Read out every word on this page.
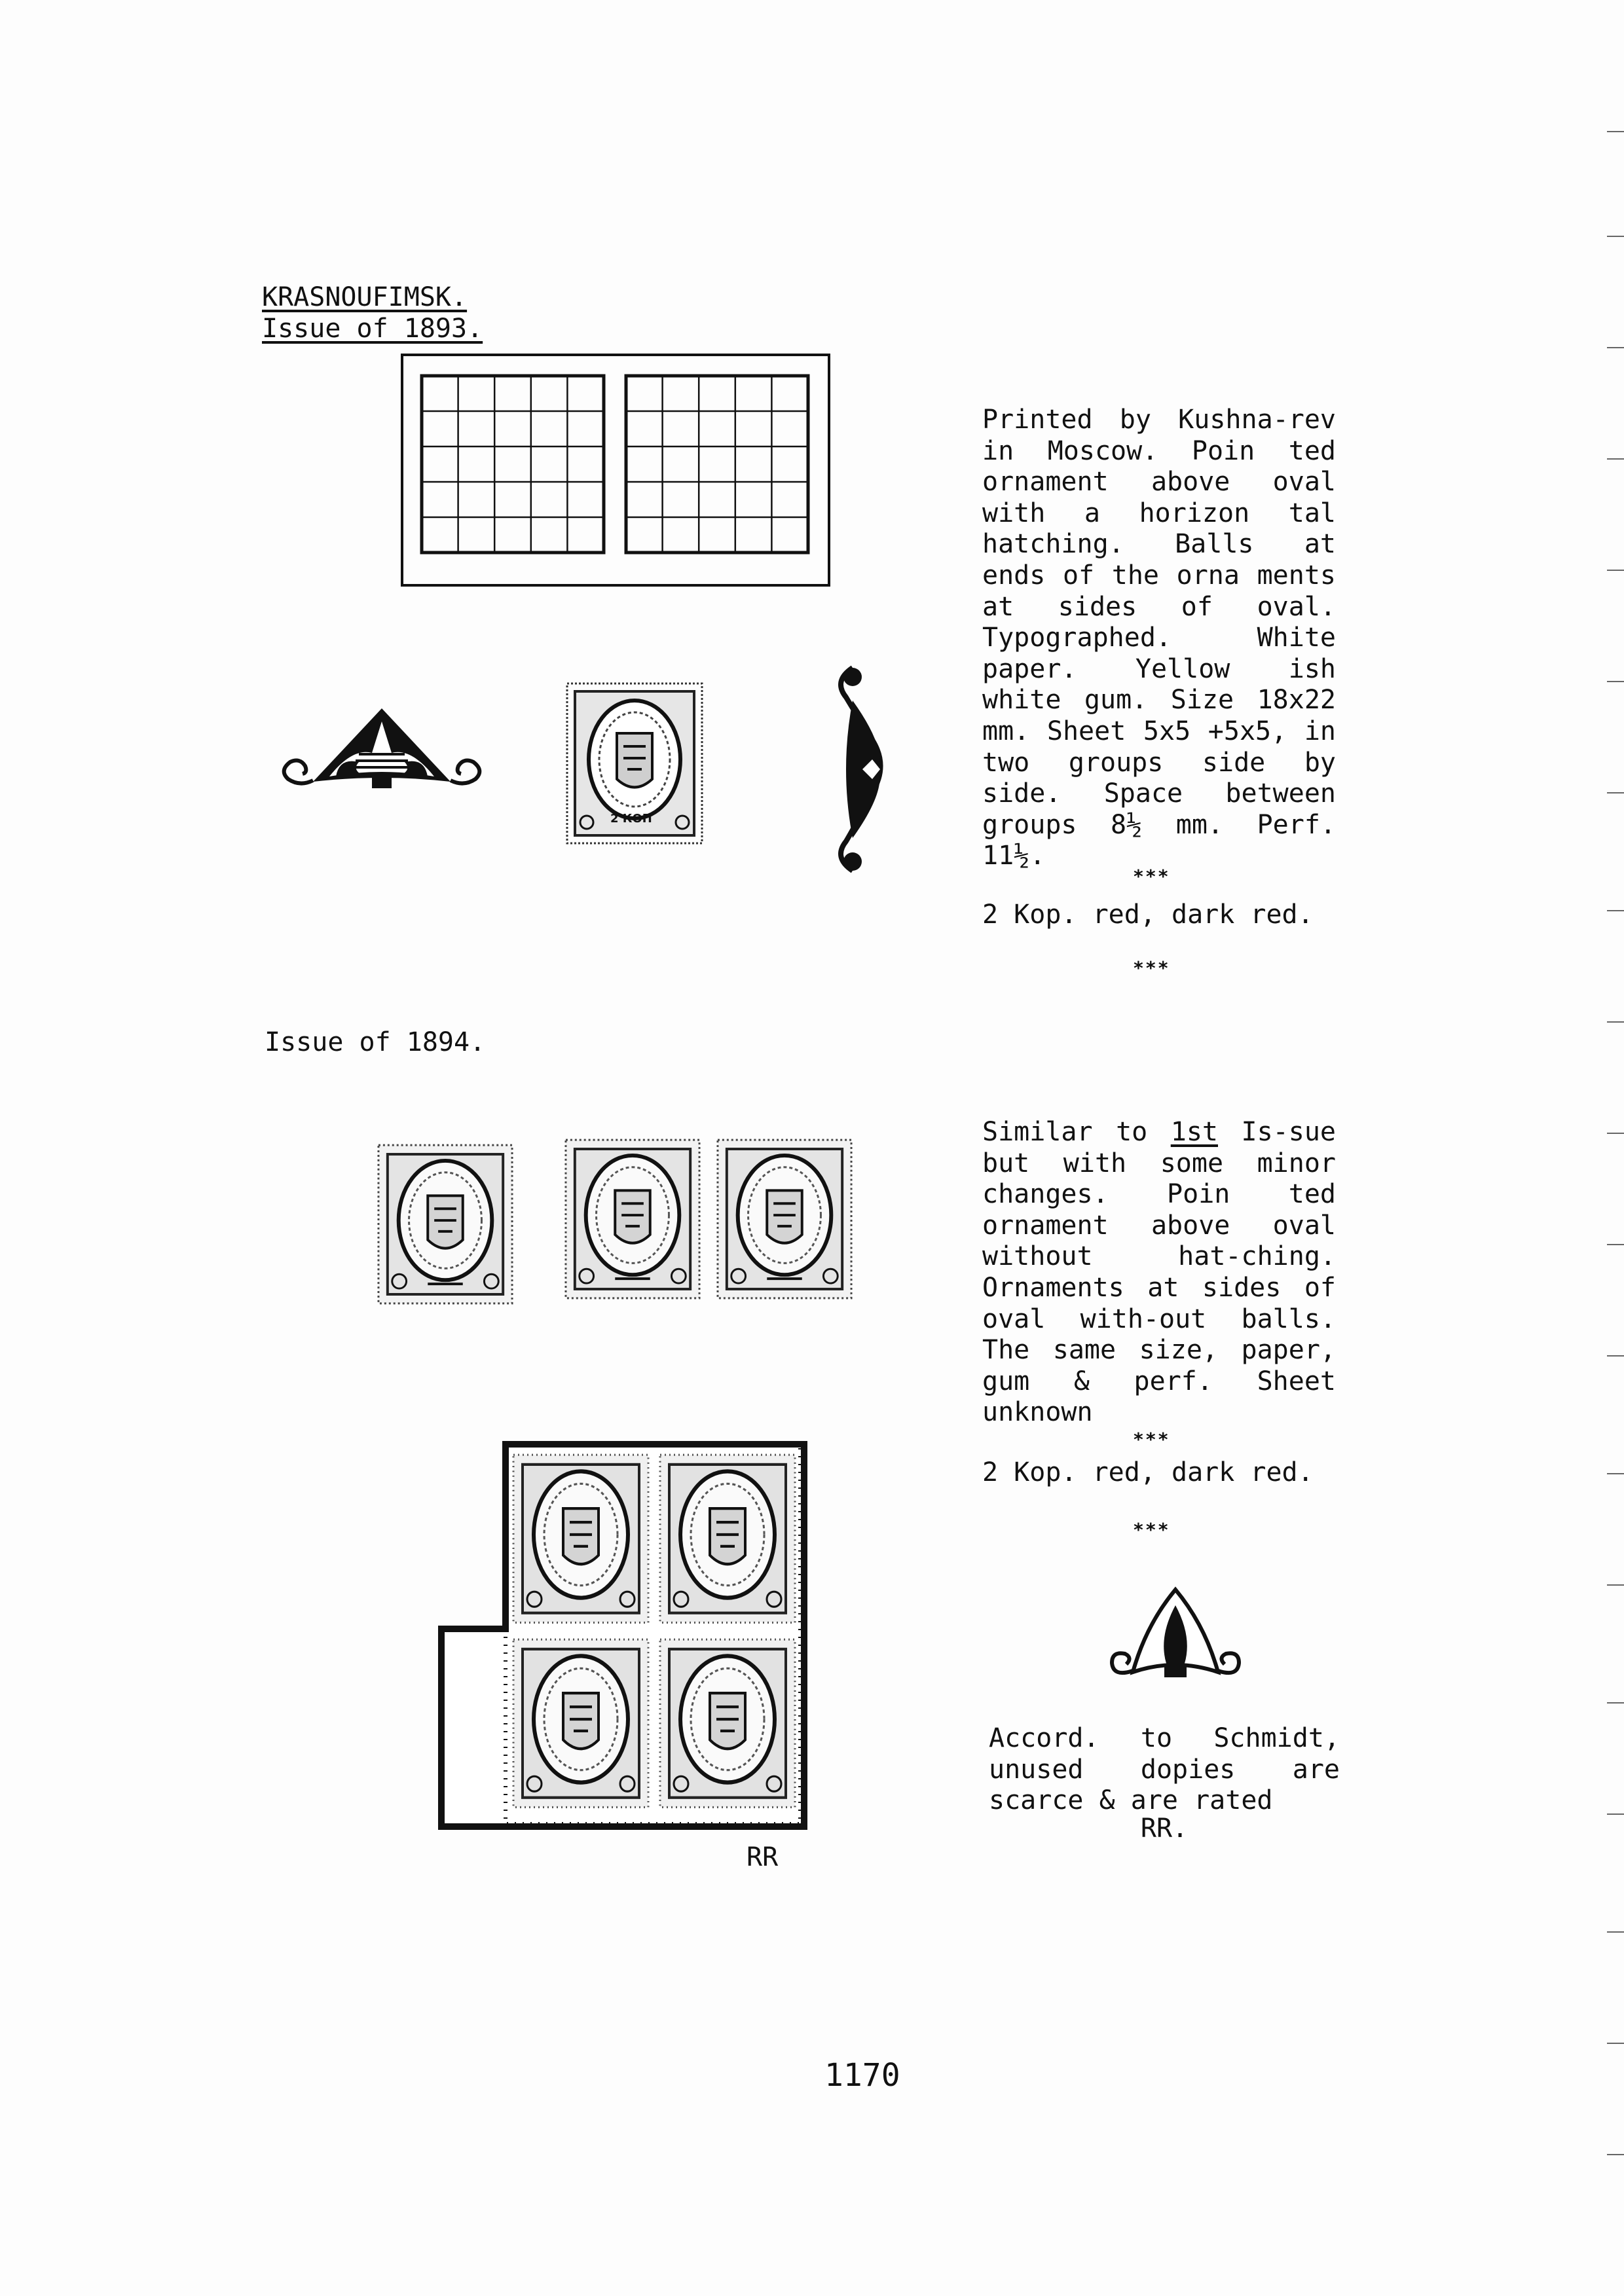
KRASNOUFIMSK.
Issue of 1893.
2 КОП
Printed by Kushna-rev in Moscow. Poin ted ornament above oval with a horizon tal hatching. Balls at ends of the orna ments at sides of oval. Typographed. White paper. Yellow ish white gum. Size 18x22 mm. Sheet 5x5 +5x5, in two groups side by side. Space between groups 8½ mm. Perf. 11½.
***
2 Kop. red, dark red.
***
Issue of 1894.
RR
Similar to 1st Is-sue but with some minor changes. Poin ted ornament above oval without hat-ching. Ornaments at sides of oval with-out balls. The same size, paper, gum & perf. Sheet unknown
***
2 Kop. red, dark red.
***
Accord. to Schmidt, unused dopies are scarce & are rated
RR.
1170
